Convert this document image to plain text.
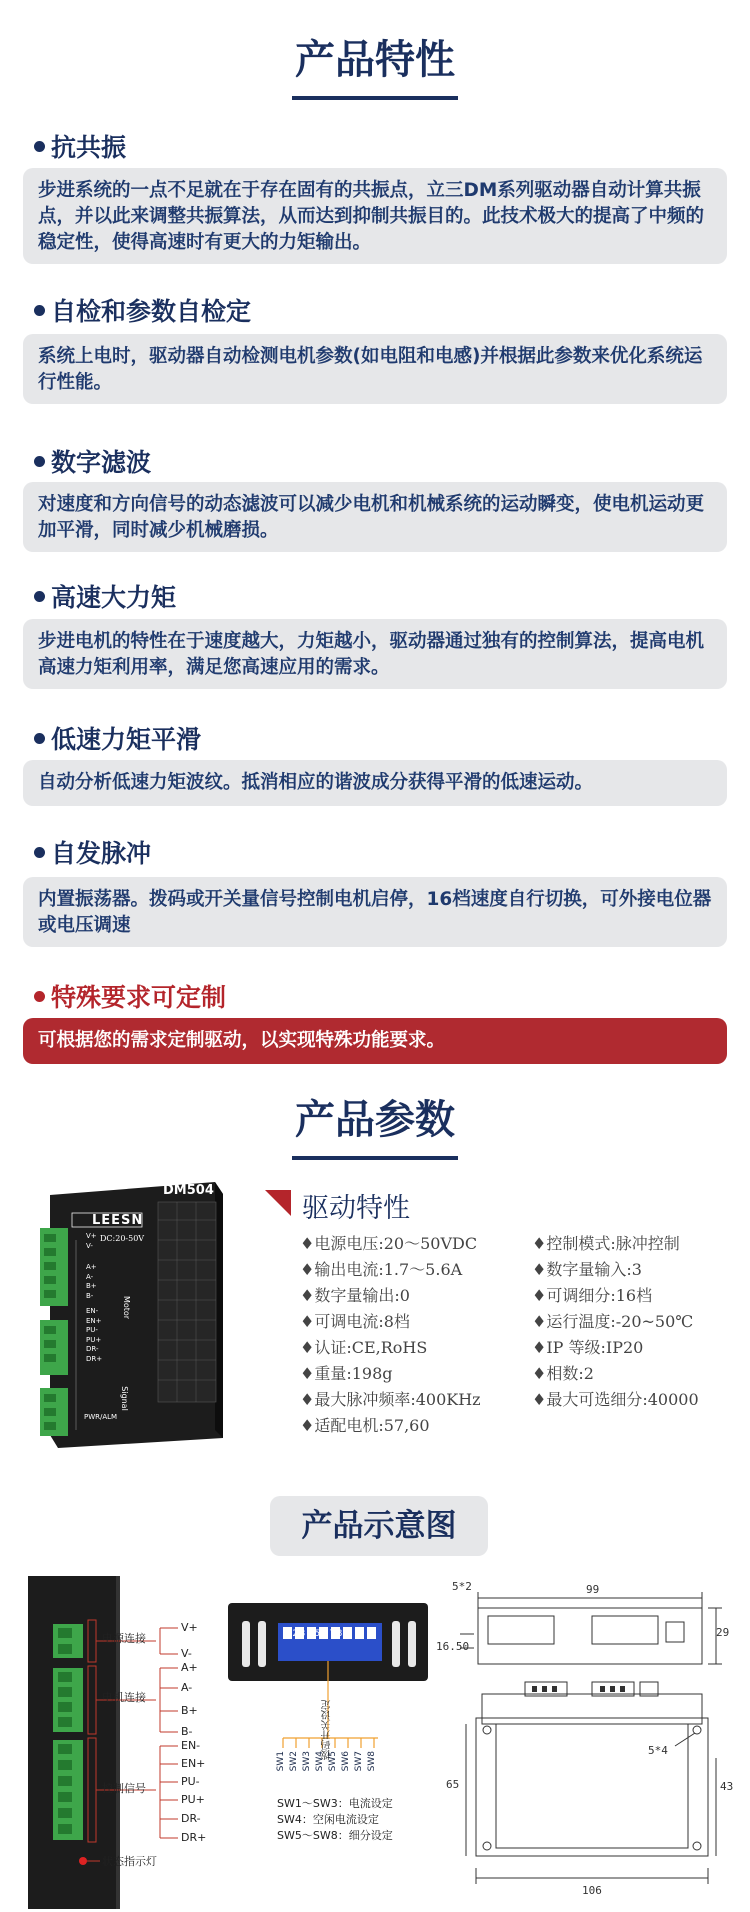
产品特性
抗共振
步进系统的一点不足就在于存在固有的共振点，立三DM系列驱动器自动计算共振点，并以此来调整共振算法，从而达到抑制共振目的。此技术极大的提高了中频的稳定性，使得高速时有更大的力矩输出。
自检和参数自检定
系统上电时，驱动器自动检测电机参数(如电阻和电感)并根据此参数来优化系统运行性能。
数字滤波
对速度和方向信号的动态滤波可以减少电机和机械系统的运动瞬变，使电机运动更加平滑，同时减少机械磨损。
高速大力矩
步进电机的特性在于速度越大，力矩越小，驱动器通过独有的控制算法，提高电机高速力矩利用率，满足您高速应用的需求。
低速力矩平滑
自动分析低速力矩波纹。抵消相应的谐波成分获得平滑的低速运动。
自发脉冲
内置振荡器。拨码或开关量信号控制电机启停，16档速度自行切换，可外接电位器或电压调速
特殊要求可定制
可根据您的需求定制驱动，以实现特殊功能要求。
产品参数
LEESN
DM504
DC:20-50V
Motor
Signal
PWR/ALM
V+
V-
A+
A-
B+
B-
EN-
EN+
PU-
PU+
DR-
DR+
驱动特性
♦电源电压:20～50VDC
♦输出电流:1.7～5.6A
♦数字量输出:0
♦可调电流:8档
♦认证:CE,RoHS
♦重量:198g
♦最大脉冲频率:400KHz
♦适配电机:57,60
♦控制模式:脉冲控制
♦数字量输入:3
♦可调细分:16档
♦运行温度:-20~50℃
♦IP 等级:IP20
♦相数:2
♦最大可选细分:40000
产品示意图
电源连接
电机连接
控制信号
状态指示灯
V+
V-
A+
A-
B+
B-
EN-
EN+
PU-
PU+
DR-
DR+
12345678
拨码开关设定
SW1 SW2 SW3 SW4 SW5 SW6 SW7 SW8
SW1～SW3：电流设定
SW4：空闲电流设定
SW5～SW8：细分设定
99
5*2
29
16.50
65	43
5*4
106
